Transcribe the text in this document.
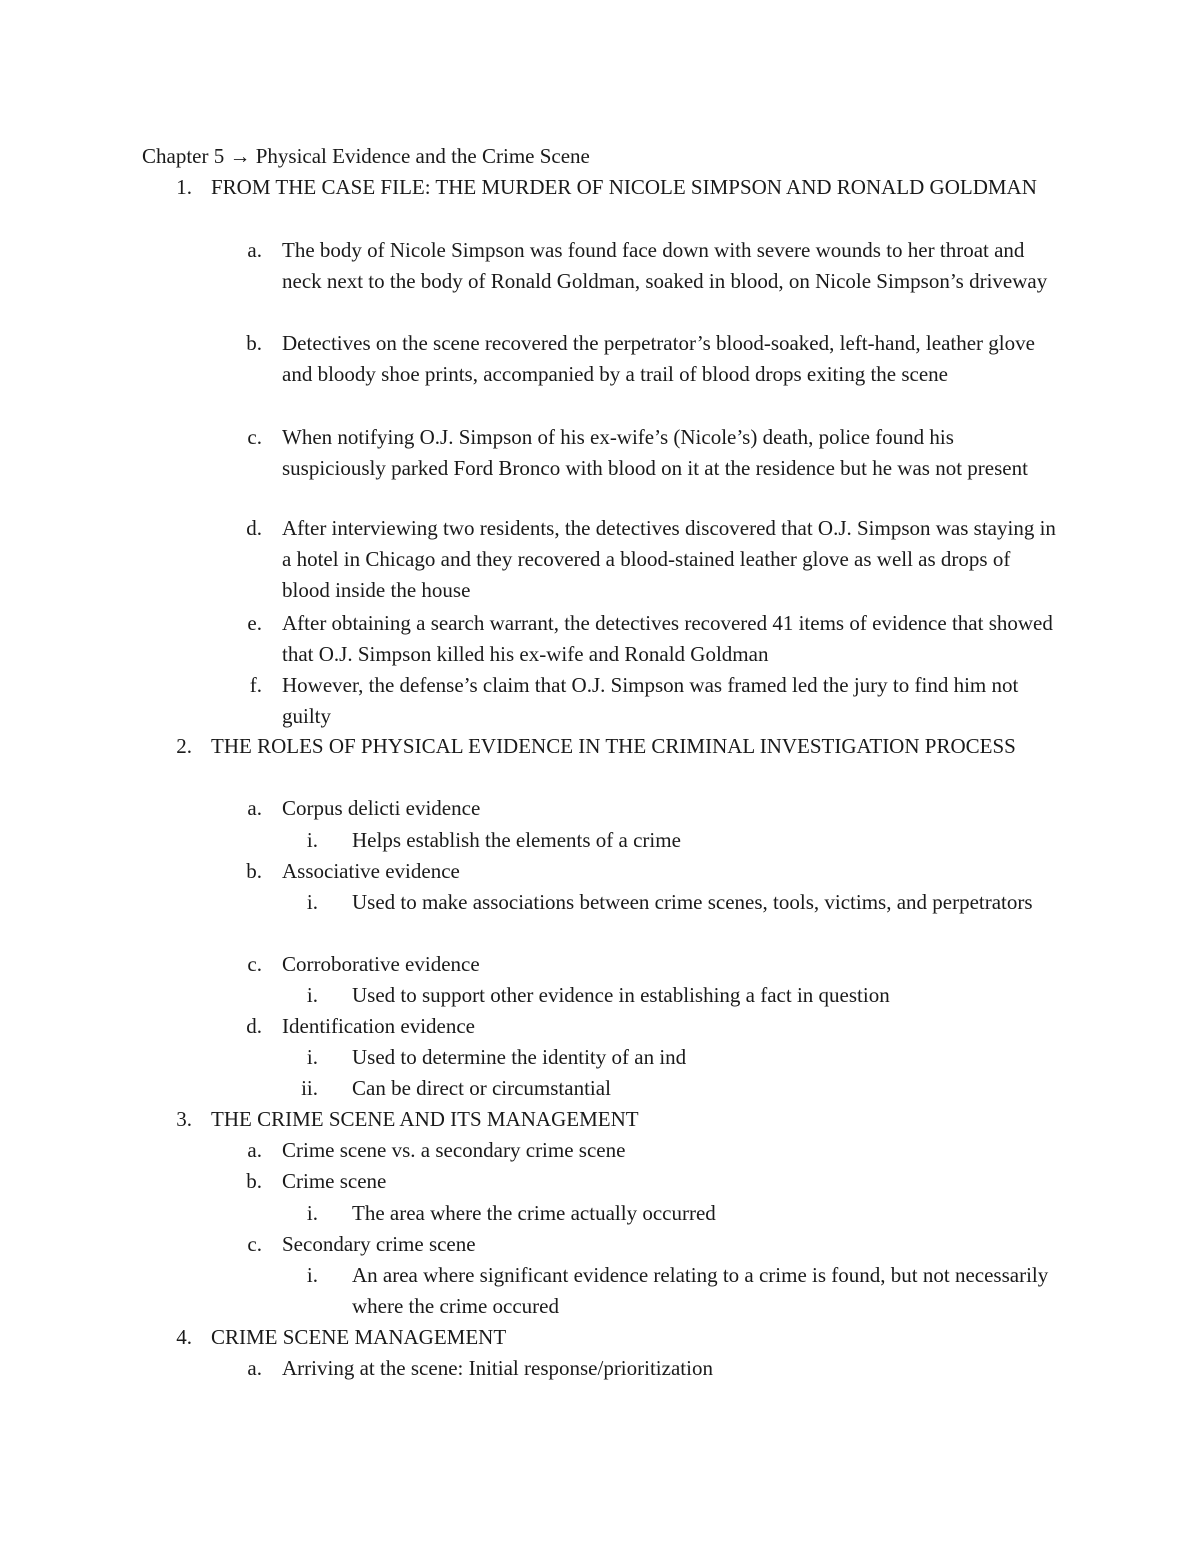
Chapter 5 → Physical Evidence and the Crime Scene
1. FROM THE CASE FILE: THE MURDER OF NICOLE SIMPSON AND RONALD GOLDMAN
a. The body of Nicole Simpson was found face down with severe wounds to her throat and neck next to the body of Ronald Goldman, soaked in blood, on Nicole Simpson’s driveway
b. Detectives on the scene recovered the perpetrator’s blood-soaked, left-hand, leather glove and bloody shoe prints, accompanied by a trail of blood drops exiting the scene
c. When notifying O.J. Simpson of his ex-wife’s (Nicole’s) death, police found his suspiciously parked Ford Bronco with blood on it at the residence but he was not present
d. After interviewing two residents, the detectives discovered that O.J. Simpson was staying in a hotel in Chicago and they recovered a blood-stained leather glove as well as drops of blood inside the house
e. After obtaining a search warrant, the detectives recovered 41 items of evidence that showed that O.J. Simpson killed his ex-wife and Ronald Goldman
f. However, the defense’s claim that O.J. Simpson was framed led the jury to find him not guilty
2. THE ROLES OF PHYSICAL EVIDENCE IN THE CRIMINAL INVESTIGATION PROCESS
a. Corpus delicti evidence
i. Helps establish the elements of a crime
b. Associative evidence
i. Used to make associations between crime scenes, tools, victims, and perpetrators
c. Corroborative evidence
i. Used to support other evidence in establishing a fact in question
d. Identification evidence
i. Used to determine the identity of an ind
ii. Can be direct or circumstantial
3. THE CRIME SCENE AND ITS MANAGEMENT
a. Crime scene vs. a secondary crime scene
b. Crime scene
i. The area where the crime actually occurred
c. Secondary crime scene
i. An area where significant evidence relating to a crime is found, but not necessarily where the crime occured
4. CRIME SCENE MANAGEMENT
a. Arriving at the scene: Initial response/prioritization
